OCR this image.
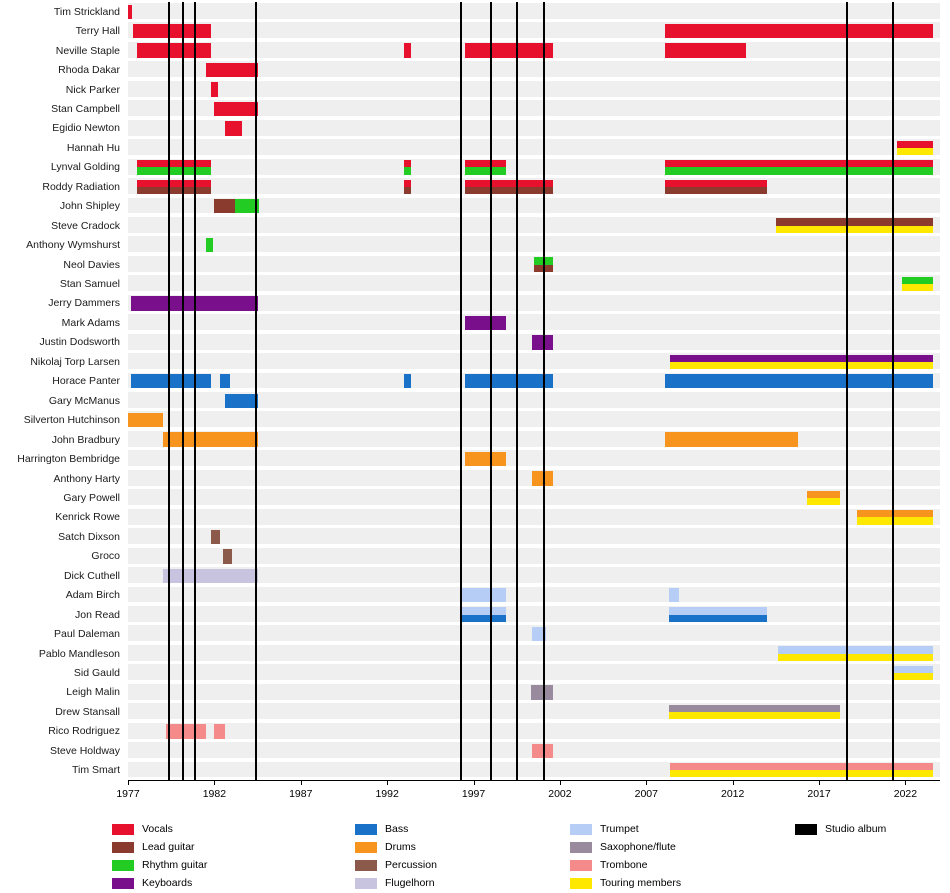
Tim Strickland
Terry Hall
Neville Staple
Rhoda Dakar
Nick Parker
Stan Campbell
Egidio Newton
Hannah Hu
Lynval Golding
Roddy Radiation
John Shipley
Steve Cradock
Anthony Wymshurst
Neol Davies
Stan Samuel
Jerry Dammers
Mark Adams
Justin Dodsworth
Nikolaj Torp Larsen
Horace Panter
Gary McManus
Silverton Hutchinson
John Bradbury
Harrington Bembridge
Anthony Harty
Gary Powell
Kenrick Rowe
Satch Dixson
Groco
Dick Cuthell
Adam Birch
Jon Read
Paul Daleman
Pablo Mandleson
Sid Gauld
Leigh Malin
Drew Stansall
Rico Rodriguez
Steve Holdway
Tim Smart
1977	1982	1987	1992	1997	2002	2007	2012	2017	2022
Vocals
Lead guitar
Rhythm guitar
Keyboards
Bass
Drums
Percussion
Flugelhorn
Trumpet
Saxophone/flute
Trombone
Touring members
Studio album
